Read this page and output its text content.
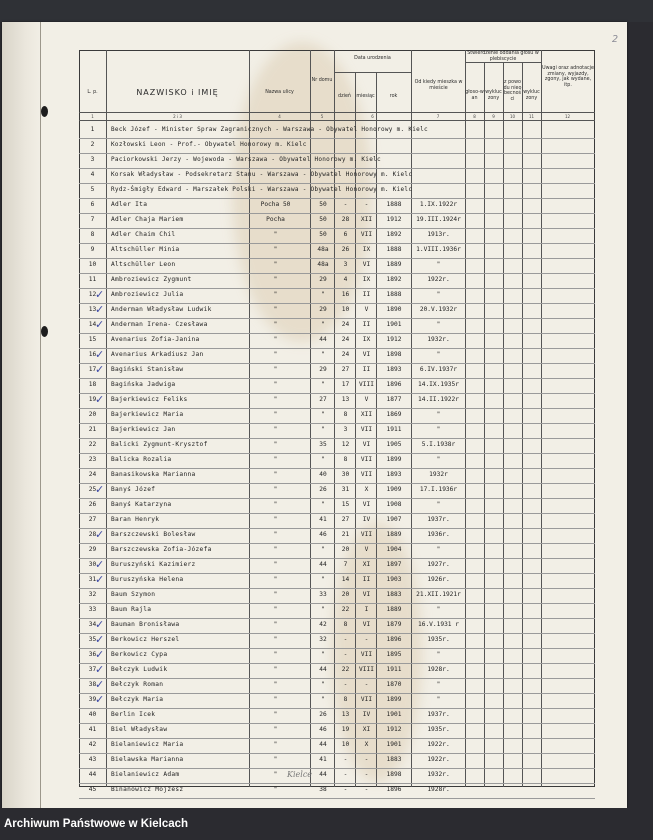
2
L. p.	NAZWISKO i IMIĘ	Nazwa ulicy
Nr domu
Data urodzenia
dzień	miesiąc	rok
Od kiedy mieszka w mieście
Stwierdzenie oddania głosu w plebiscycie
głoso-wan
wykluczony
z powodu nieobecności
wykluczony
Uwagi oraz adnotacje zmiany, wyjazdy, zgony, jak wydane, itp.
1	2 i 3	4	5	6	7	8	9	10	11	12
1	Beck Józef - Minister Spraw Zagranicznych - Warszawa - Obywatel Honorowy m. Kielc
2	Kozłowski Leon - Prof.- Obywatel Honorowy m. Kielc
3	Paciorkowski Jerzy - Wojewoda - Warszawa - Obywatel Honorowy m. Kielc
4	Korsak Władysław - Podsekretarz Stanu - Warszawa - Obywatel Honorowy m. Kielc
5	Rydz-Śmigły Edward - Marszałek Polski - Warszawa - Obywatel Honorowy m. Kielc
6	Adler Ita	Pocha 50	50	-	-	1888	1.IX.1922r
7	Adler Chaja Mariem	Pocha	50	28	XII	1912	19.III.1924r
8	Adler Chaim Chil	"	50	6	VII	1892	1913r.
9	Altschüller Minia	"	48a	26	IX	1888	1.VIII.1936r
10	Altschüller Leon	"	48a	3	VI	1889	"
11	Ambroziewicz Zygmunt	"	29	4	IX	1892	1922r.
12	Ambroziewicz Julia	"	"	16	II	1888	"
✓
13	Anderman Władysław Ludwik	"	29	10	V	1890	20.V.1932r
✓
14	Anderman Irena- Czesława	"	"	24	II	1901	"
✓
15	Avenarius Zofia-Janina	"	44	24	IX	1912	1932r.
16	Avenarius Arkadiusz Jan	"	"	24	VI	1898	"
✓
17	Bagiński Stanisław	"	29	27	II	1893	6.IV.1937r
✓
18	Bagińska Jadwiga	"	"	17	VIII	1896	14.IX.1935r
19	Bajerkiewicz Feliks	"	27	13	V	1877	14.II.1922r
✓
20	Bajerkiewicz Maria	"	"	8	XII	1869	"
21	Bajerkiewicz Jan	"	"	3	VII	1911	"
22	Balicki Zygmunt-Krysztof	"	35	12	VI	1905	5.I.1938r
23	Balicka Rozalia	"	"	8	VII	1899	"
24	Banasikowska Marianna	"	40	30	VII	1893	1932r
25	Banyś Józef	"	26	31	X	1909	17.I.1936r
✓
26	Banyś Katarzyna	"	"	15	VI	1908	"
27	Baran Henryk	"	41	27	IV	1907	1937r.
28	Barszczewski Bolesław	"	46	21	VII	1889	1936r.
✓
29	Barszczewska Zofia-Józefa	"	"	20	V	1904	"
30	Buruszyński Kazimierz	"	44	7	XI	1897	1927r.
✓
31	Buruszyńska Helena	"	"	14	II	1903	1926r.
✓
32	Baum Szymon	"	33	20	VI	1883	21.XII.1921r
33	Baum Rajla	"	"	22	I	1889	"
34	Bauman Bronisława	"	42	8	VI	1879	16.V.1931 r
✓
35	Berkowicz Herszel	"	32	-	-	1896	1935r.
✓
36	Berkowicz Cypa	"	"	-	VII	1895	"
✓
37	Bełczyk Ludwik	"	44	22	VIII	1911	1928r.
✓
38	Bełczyk Roman	"	"	-	-	1870	"
✓
39	Bełczyk Maria	"	"	8	VII	1899	"
✓
40	Berlin Icek	"	26	13	IV	1901	1937r.
41	Biel Władysław	"	46	19	XI	1912	1935r.
42	Bielaniewicz Maria	"	44	10	X	1901	1922r.
43	Bielawska Marianna	"	41	-	-	1883	1922r.
44	Bielaniewicz Adam	"	44	-	-	1898	1932r.
45	Binanowicz Mojżesz	"	38	-	-	1896	1928r.
Kielce
Archiwum Państwowe w Kielcach
